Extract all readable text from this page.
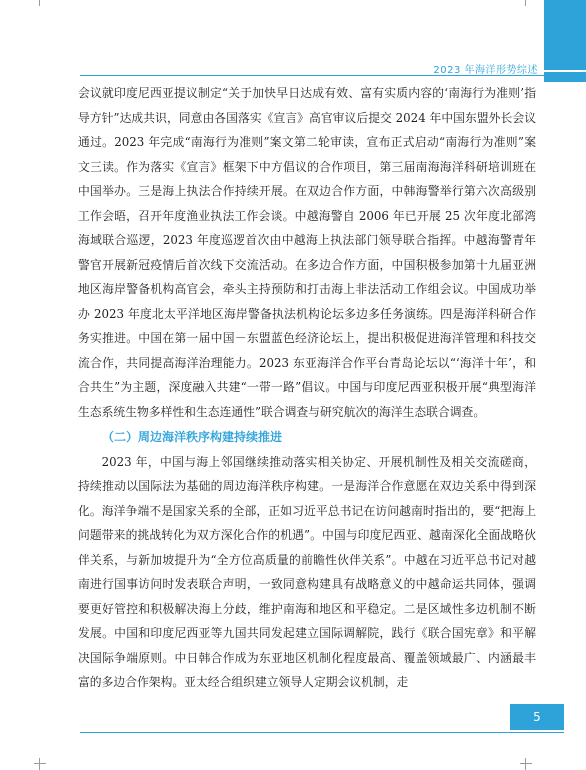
2023 年海洋形势综述

会议就印度尼西亚提议制定“关于加快早日达成有效、富有实质内容的‘南海行为准则’指导方针”达成共识，同意由各国落实《宣言》高官审议后提交 2024 年中国东盟外长会议通过。2023 年完成“南海行为准则”案文第二轮审读，宣布正式启动“南海行为准则”案文三读。作为落实《宣言》框架下中方倡议的合作项目，第三届南海海洋科研培训班在中国举办。三是海上执法合作持续开展。在双边合作方面，中韩海警举行第六次高级别工作会晤，召开年度渔业执法工作会谈。中越海警自 2006 年已开展 25 次年度北部湾海域联合巡逻，2023 年度巡逻首次由中越海上执法部门领导联合指挥。中越海警青年警官开展新冠疫情后首次线下交流活动。在多边合作方面，中国积极参加第十九届亚洲地区海岸警备机构高官会，牵头主持预防和打击海上非法活动工作组会议。中国成功举办 2023 年度北太平洋地区海岸警备执法机构论坛多边多任务演练。四是海洋科研合作务实推进。中国在第一届中国－东盟蓝色经济论坛上，提出积极促进海洋管理和科技交流合作，共同提高海洋治理能力。2023 东亚海洋合作平台青岛论坛以“‘海洋十年’，和合共生”为主题，深度融入共建“一带一路”倡议。中国与印度尼西亚积极开展“典型海洋生态系统生物多样性和生态连通性”联合调查与研究航次的海洋生态联合调查。

（二）周边海洋秩序构建持续推进

2023 年，中国与海上邻国继续推动落实相关协定、开展机制性及相关交流磋商，持续推动以国际法为基础的周边海洋秩序构建。一是海洋合作意愿在双边关系中得到深化。海洋争端不是国家关系的全部，正如习近平总书记在访问越南时指出的，要“把海上问题带来的挑战转化为双方深化合作的机遇”。中国与印度尼西亚、越南深化全面战略伙伴关系，与新加坡提升为“全方位高质量的前瞻性伙伴关系”。中越在习近平总书记对越南进行国事访问时发表联合声明，一致同意构建具有战略意义的中越命运共同体，强调要更好管控和积极解决海上分歧，维护南海和地区和平稳定。二是区域性多边机制不断发展。中国和印度尼西亚等九国共同发起建立国际调解院，践行《联合国宪章》和平解决国际争端原则。中日韩合作成为东亚地区机制化程度最高、覆盖领域最广、内涵最丰富的多边合作架构。亚太经合组织建立领导人定期会议机制，走

5
